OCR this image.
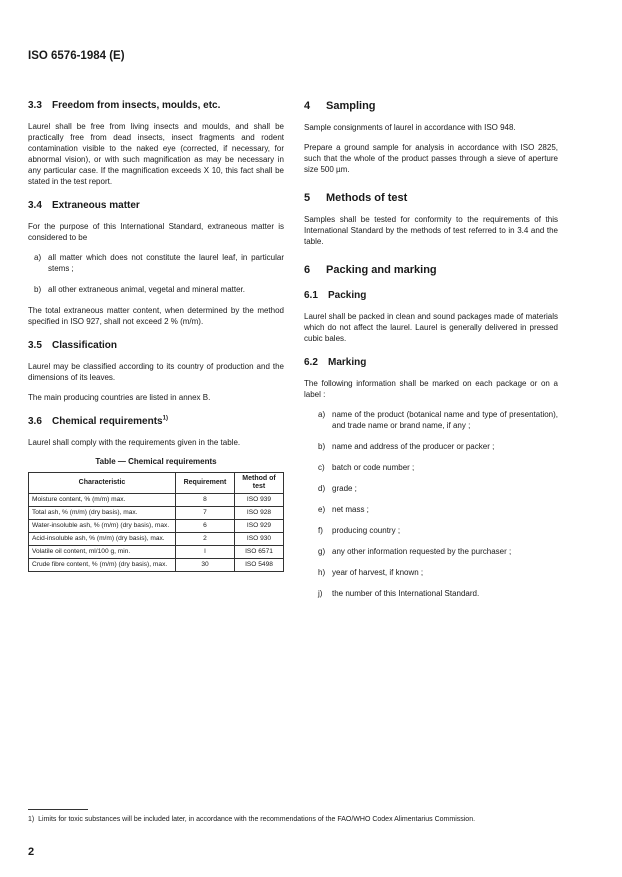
ISO 6576-1984 (E)
3.3 Freedom from insects, moulds, etc.

Laurel shall be free from living insects and moulds, and shall be practically free from dead insects, insect fragments and rodent contamination visible to the naked eye (corrected, if necessary, for abnormal vision), or with such magnification as may be necessary in any particular case. If the magnification exceeds X 10, this fact shall be stated in the test report.

3.4 Extraneous matter

For the purpose of this International Standard, extraneous matter is considered to be

a) all matter which does not constitute the laurel leaf, in particular stems ;
b) all other extraneous animal, vegetal and mineral matter.

The total extraneous matter content, when determined by the method specified in ISO 927, shall not exceed 2 % (m/m).

3.5 Classification

Laurel may be classified according to its country of production and the dimensions of its leaves.

The main producing countries are listed in annex B.

3.6 Chemical requirements$^{1)}$

Laurel shall comply with the requirements given in the table.

Table — Chemical requirements
Characteristic	Requirement	Method of test
Moisture content, % (m/m) max.	8	ISO 939
Total ash, % (m/m) (dry basis), max.	7	ISO 928
Water-insoluble ash, % (m/m) (dry basis), max.	6	ISO 929
Acid-insoluble ash, % (m/m) (dry basis), max.	2	ISO 930
Volatile oil content, ml/100 g, min.	l	ISO 6571
Crude fibre content, % (m/m) (dry basis), max.	30	ISO 5498
4 Sampling

Sample consignments of laurel in accordance with ISO 948.

Prepare a ground sample for analysis in accordance with ISO 2825, such that the whole of the product passes through a sieve of aperture size 500 µm.

5 Methods of test

Samples shall be tested for conformity to the requirements of this International Standard by the methods of test referred to in 3.4 and the table.

6 Packing and marking
6.1 Packing

Laurel shall be packed in clean and sound packages made of materials which do not affect the laurel. Laurel is generally delivered in pressed cubic bales.

6.2 Marking

The following information shall be marked on each package or on a label :

a) name of the product (botanical name and type of presentation), and trade name or brand name, if any ;
b) name and address of the producer or packer ;
c) batch or code number ;
d) grade ;
e) net mass ;
f) producing country ;
g) any other information requested by the purchaser ;
h) year of harvest, if known ;
j) the number of this International Standard.
1) Limits for toxic substances will be included later, in accordance with the recommendations of the FAO/WHO Codex Alimentarius Commission.
2
